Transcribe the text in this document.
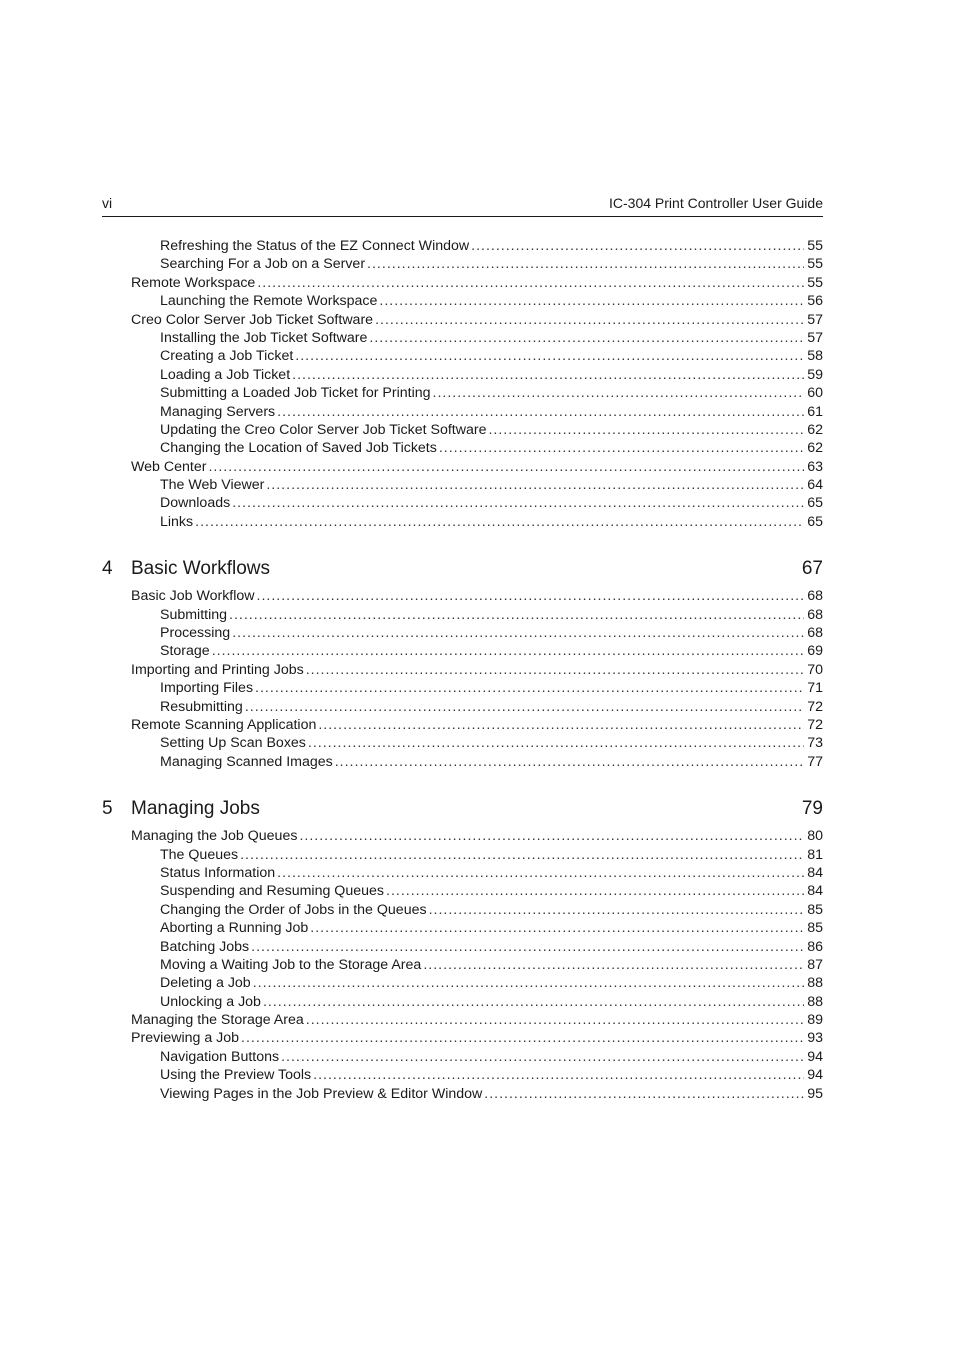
vi	IC-304 Print Controller User Guide
Refreshing the Status of the EZ Connect Window .....	55
Searching For a Job on a Server .....	55
Remote Workspace .....	55
Launching the Remote Workspace .....	56
Creo Color Server Job Ticket Software .....	57
Installing the Job Ticket Software .....	57
Creating a Job Ticket .....	58
Loading a Job Ticket .....	59
Submitting a Loaded Job Ticket for Printing .....	60
Managing Servers .....	61
Updating the Creo Color Server Job Ticket Software .....	62
Changing the Location of Saved Job Tickets .....	62
Web Center .....	63
The Web Viewer .....	64
Downloads .....	65
Links .....	65
4 Basic Workflows	67
Basic Job Workflow .....	68
Submitting .....	68
Processing .....	68
Storage .....	69
Importing and Printing Jobs .....	70
Importing Files .....	71
Resubmitting .....	72
Remote Scanning Application .....	72
Setting Up Scan Boxes .....	73
Managing Scanned Images .....	77
5 Managing Jobs	79
Managing the Job Queues .....	80
The Queues .....	81
Status Information .....	84
Suspending and Resuming Queues .....	84
Changing the Order of Jobs in the Queues .....	85
Aborting a Running Job .....	85
Batching Jobs .....	86
Moving a Waiting Job to the Storage Area .....	87
Deleting a Job .....	88
Unlocking a Job .....	88
Managing the Storage Area .....	89
Previewing a Job .....	93
Navigation Buttons .....	94
Using the Preview Tools .....	94
Viewing Pages in the Job Preview & Editor Window .....	95
